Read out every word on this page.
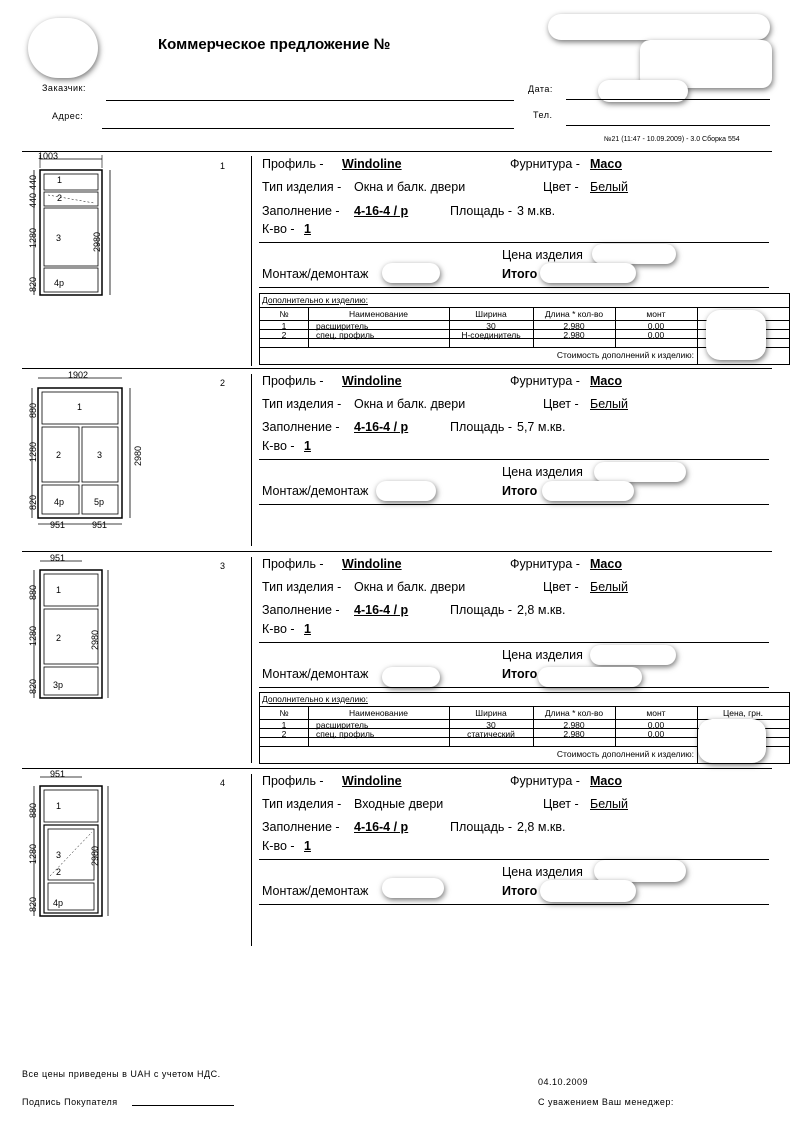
Коммерческое предложение №
Заказчик:
Адрес:
Дата:
Тел.
№21 (11:47 - 10.09.2009) - 3.0 Сборка 554
1
1003
1
2
3
4р
2980
440
440
1280
820
Профиль - Windoline	Фурнитура - Maco
Тип изделия - Окна и балк. двери	Цвет - Белый
Заполнение - 4-16-4 / p	Площадь - 3 м.кв.
К-во - 1
Цена изделия
Монтаж/демонтаж	Итого
Дополнительно к изделию:
№	Наименование	Ширина	Длина * кол-во	монт
1	расширитель	30	2,980	0,00
2	спец. профиль	Н-соединитель	2,980	0,00
Стоимость дополнений к изделию:
2
1902
1
2	3
4р	5р
2980
880
1280
820
951	951
Профиль - Windoline	Фурнитура - Maco
Тип изделия - Окна и балк. двери	Цвет - Белый
Заполнение - 4-16-4 / p	Площадь - 5,7 м.кв.
К-во - 1
Цена изделия
Монтаж/демонтаж	Итого
3
951
1
2
3р
2980
880
1280
820
Профиль - Windoline	Фурнитура - Maco
Тип изделия - Окна и балк. двери	Цвет - Белый
Заполнение - 4-16-4 / p	Площадь - 2,8 м.кв.
К-во - 1
Цена изделия
Монтаж/демонтаж	Итого
Дополнительно к изделию:
№	Наименование	Ширина	Длина * кол-во	монт	Цена, грн.
1	расширитель	30	2,980	0,00
2	спец. профиль	статический	2,980	0,00
Стоимость дополнений к изделию:
4
951
1
3
2
4р
2980
880
1280
820
Профиль - Windoline	Фурнитура - Maco
Тип изделия - Входные двери	Цвет - Белый
Заполнение - 4-16-4 / p	Площадь - 2,8 м.кв.
К-во - 1
Цена изделия
Монтаж/демонтаж	Итого
Все цены приведены в UAH с учетом НДС.
Подпись Покупателя
04.10.2009
С уважением Ваш менеджер:
